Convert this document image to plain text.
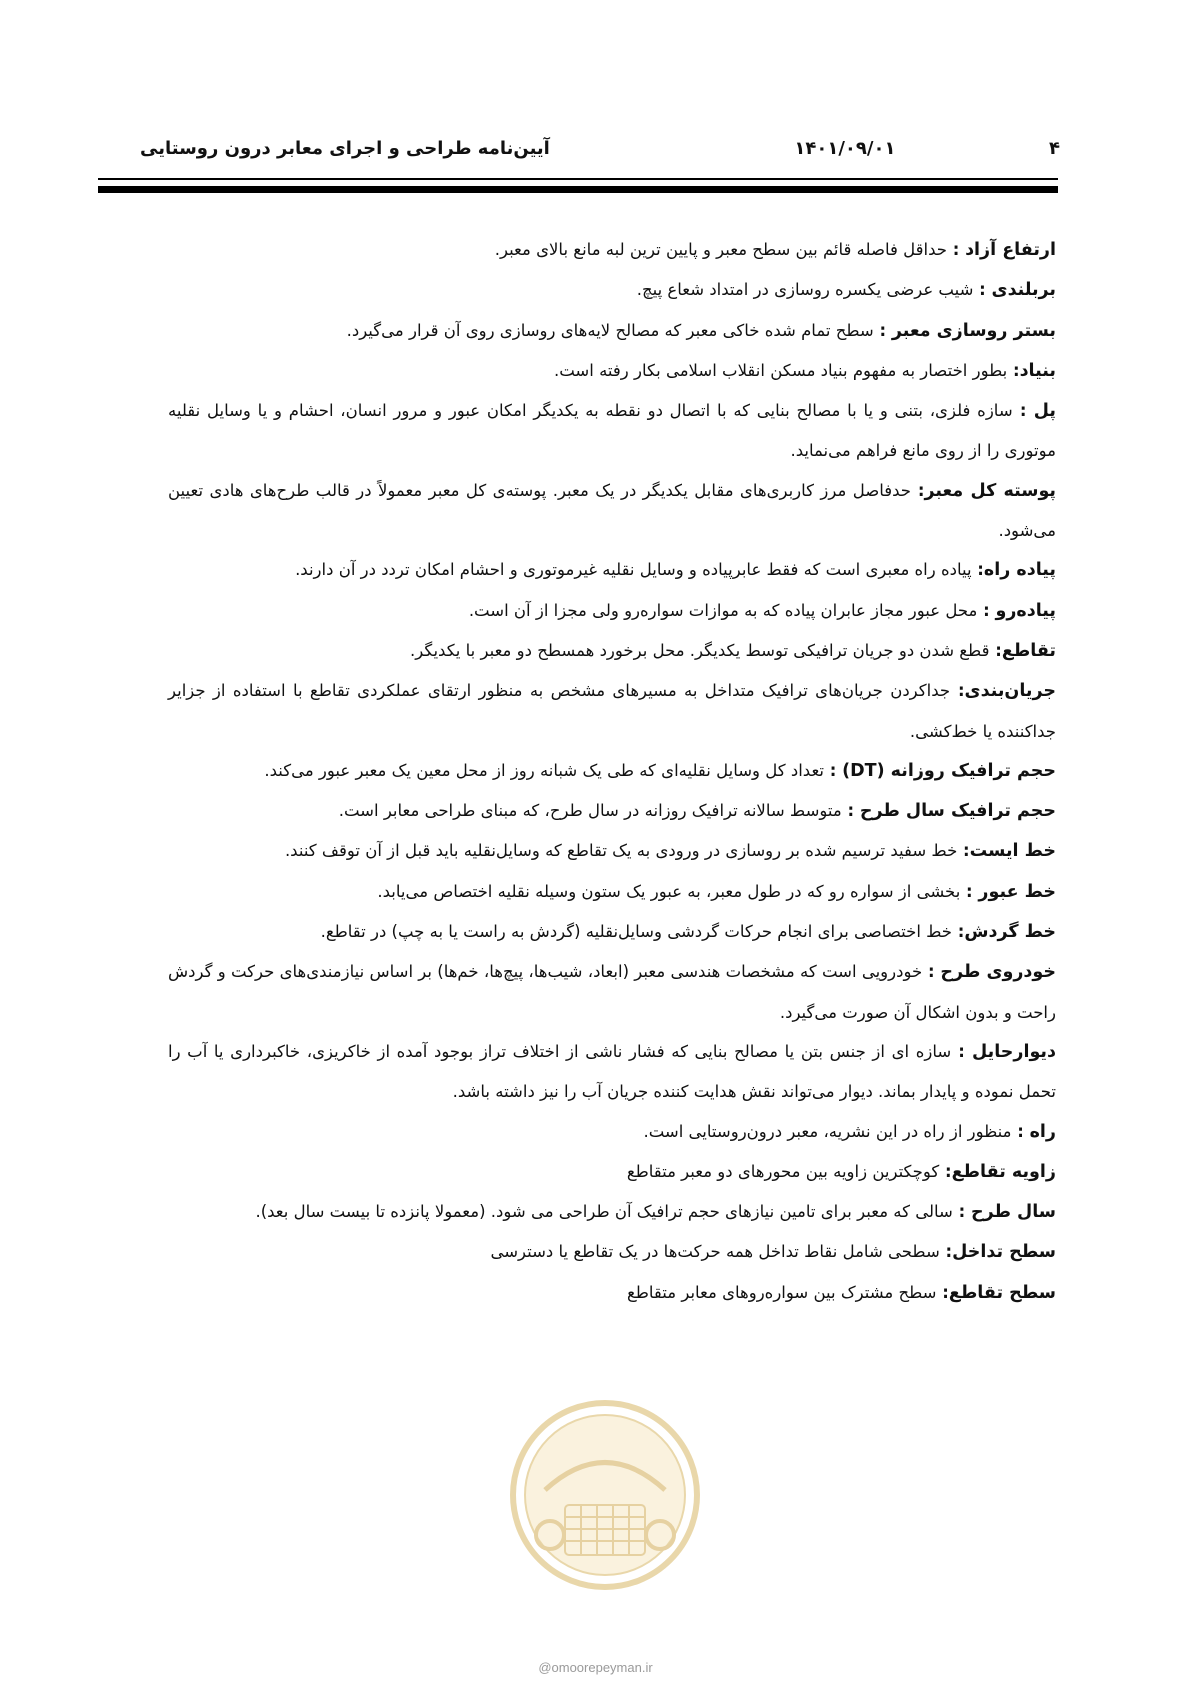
۴
۱۴۰۱/۰۹/۰۱
آیین‌نامه طراحی و اجرای معابر درون روستایی

ارتفاع آزاد : حداقل فاصله قائم بین سطح معبر و پایین ترین لبه مانع بالای معبر.

بربلندی : شیب عرضی یکسره روسازی در امتداد شعاع پیچ.

بستر روسازی معبر : سطح تمام شده خاکی معبر که مصالح لایه‌های روسازی روی آن قرار می‌گیرد.

بنیاد: بطور اختصار به مفهوم بنیاد مسکن انقلاب اسلامی بکار رفته است.

پل : سازه فلزی، بتنی و یا با مصالح بنایی که با اتصال دو نقطه به یکدیگر امکان عبور و مرور انسان، احشام و یا وسایل نقلیه موتوری را از روی مانع فراهم می‌نماید.

پوسته کل معبر: حدفاصل مرز کاربری‌های مقابل یکدیگر در یک معبر. پوسته‌ی کل معبر معمولاً در قالب طرح‌های هادی تعیین می‌شود.

پیاده راه: پیاده راه معبری است که فقط عابرپیاده و وسایل نقلیه غیرموتوری و احشام امکان تردد در آن دارند.

پیاده‌رو : محل عبور مجاز عابران پیاده که به موازات سواره‌رو ولی مجزا از آن است.

تقاطع: قطع شدن دو جریان ترافیکی توسط یکدیگر. محل برخورد همسطح دو معبر با یکدیگر.

جریان‌بندی: جداکردن جریان‌های ترافیک متداخل به مسیرهای مشخص به منظور ارتقای عملکردی تقاطع با استفاده از جزایر جداکننده یا خط‌کشی.

حجم ترافیک روزانه (DT) : تعداد کل وسایل نقلیه‌ای که طی یک شبانه روز از محل معین یک معبر عبور می‌کند.

حجم ترافیک سال طرح : متوسط سالانه ترافیک روزانه در سال طرح، که مبنای طراحی معابر است.

خط ایست: خط سفید ترسیم شده بر روسازی در ورودی به یک تقاطع که وسایل‌نقلیه باید قبل از آن توقف کنند.

خط عبور : بخشی از سواره رو که در طول معبر، به عبور یک ستون وسیله نقلیه اختصاص می‌یابد.

خط گردش: خط اختصاصی برای انجام حرکات گردشی وسایل‌نقلیه (گردش به راست یا به چپ) در تقاطع.

خودروی طرح : خودرویی است که مشخصات هندسی معبر (ابعاد، شیب‌ها، پیچ‌ها، خم‌ها) بر اساس نیازمندی‌های حرکت و گردش راحت و بدون اشکال آن صورت می‌گیرد.

دیوارحایل : سازه ای از جنس بتن یا مصالح بنایی که فشار ناشی از اختلاف تراز بوجود آمده از خاکریزی، خاکبرداری یا آب را تحمل نموده و پایدار بماند. دیوار می‌تواند نقش هدایت کننده جریان آب را نیز داشته باشد.

راه : منظور از راه در این نشریه، معبر درون‌روستایی است.

زاویه تقاطع: کوچکترین زاویه بین محورهای دو معبر متقاطع

سال طرح : سالی که معبر برای تامین نیازهای حجم ترافیک آن طراحی می شود. (معمولا پانزده تا بیست سال بعد).

سطح تداخل: سطحی شامل نقاط تداخل همه حرکت‌ها در یک تقاطع یا دسترسی

سطح تقاطع: سطح مشترک بین سواره‌روهای معابر متقاطع

@omoorepeyman.ir
